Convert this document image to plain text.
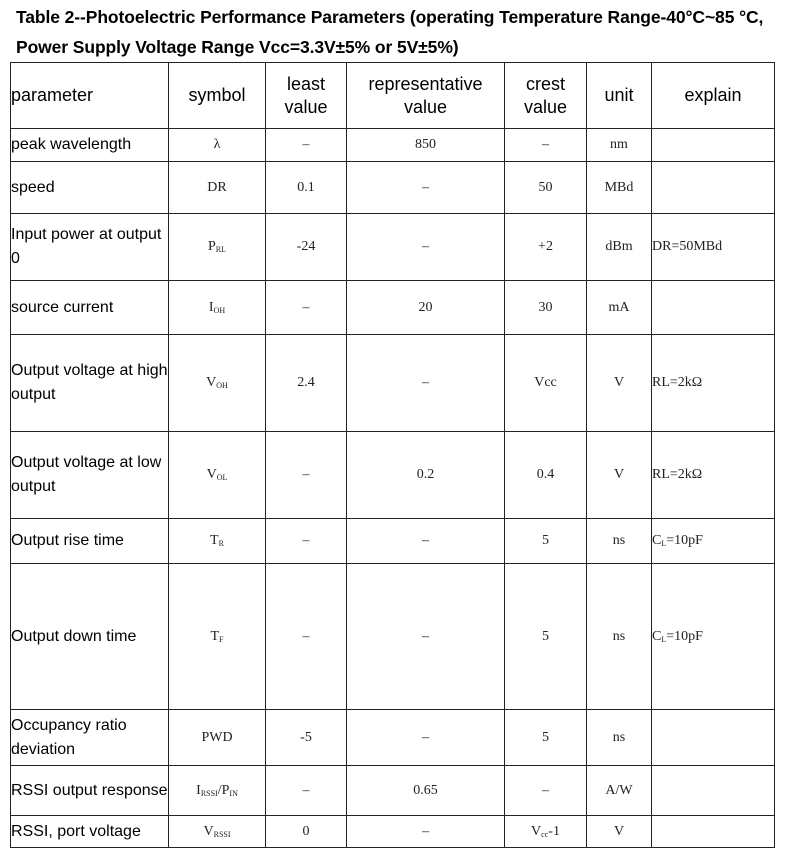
Table 2--Photoelectric Performance Parameters (operating Temperature Range-40°C~85 °C, Power Supply Voltage Range Vcc=3.3V±5% or 5V±5%)
parameter	symbol	least value	representative value	crest value	unit	explain
peak wavelength	λ	–	850	–	nm	
speed	DR	0.1	–	50	MBd	
Input power at output 0	$P_{RL}$	-24	–	+2	dBm	DR=50MBd
source current	$I_{OH}$	–	20	30	mA	
Output voltage at high output	$V_{OH}$	2.4	–	Vcc	V	RL=2kΩ
Output voltage at low output	$V_{OL}$	–	0.2	0.4	V	RL=2kΩ
Output rise time	$T_R$	–	–	5	ns	$C_L=10pF$
Output down time	$T_F$	–	–	5	ns	$C_L=10pF$
Occupancy ratio deviation	PWD	-5	–	5	ns	
RSSI output response	$I_{RSSI}/P_{IN}$	–	0.65	–	A/W	
RSSI, port voltage	$V_{RSSI}$	0	–	$V_{cc}-1$	V	
